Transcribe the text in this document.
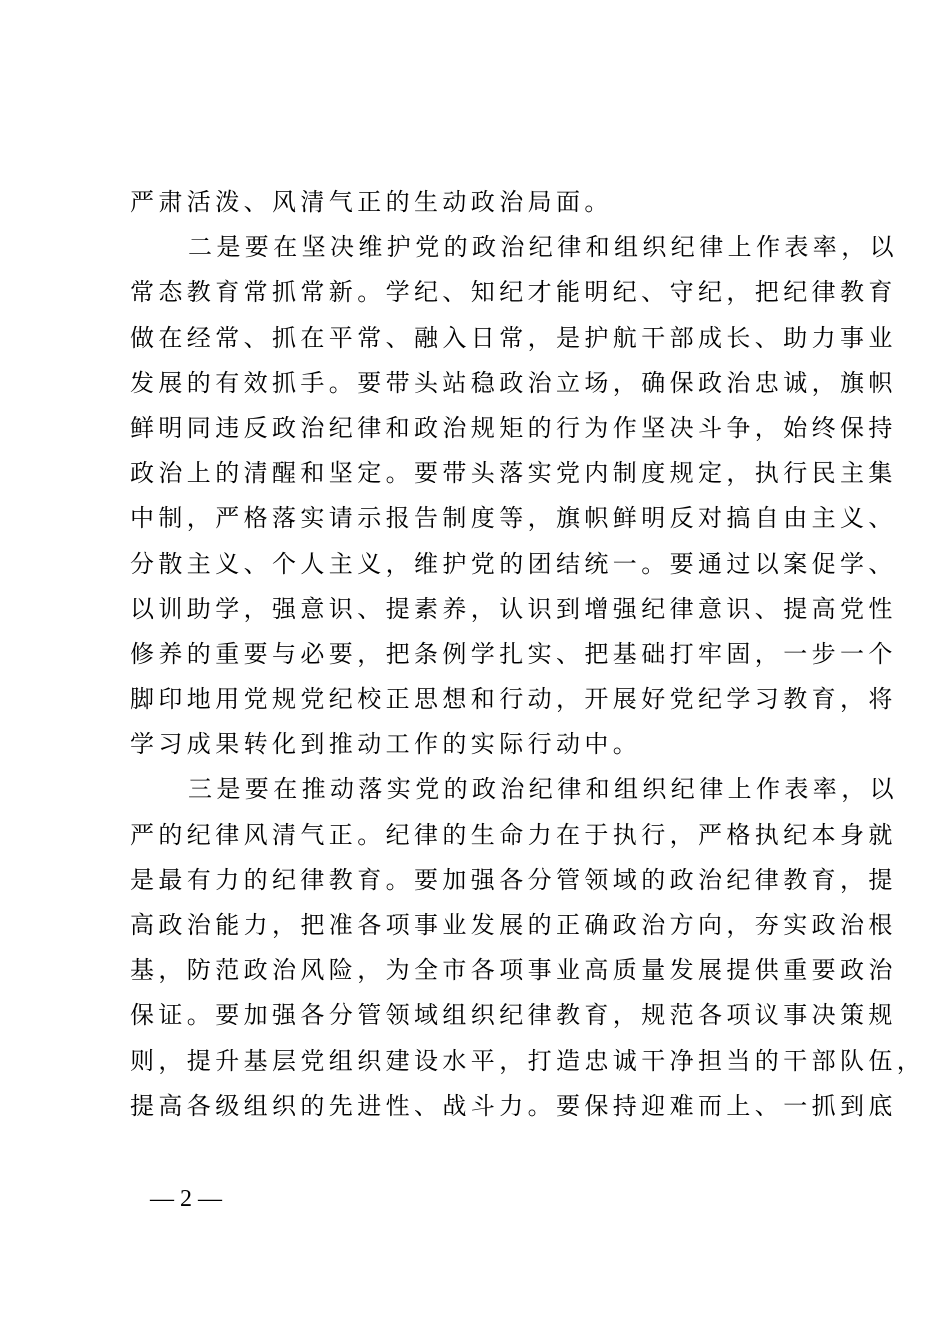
严肃活泼、风清气正的生动政治局面。
二是要在坚决维护党的政治纪律和组织纪律上作表率，以
常态教育常抓常新。学纪、知纪才能明纪、守纪，把纪律教育
做在经常、抓在平常、融入日常，是护航干部成长、助力事业
发展的有效抓手。要带头站稳政治立场，确保政治忠诚，旗帜
鲜明同违反政治纪律和政治规矩的行为作坚决斗争，始终保持
政治上的清醒和坚定。要带头落实党内制度规定，执行民主集
中制，严格落实请示报告制度等，旗帜鲜明反对搞自由主义、
分散主义、个人主义，维护党的团结统一。要通过以案促学、
以训助学，强意识、提素养，认识到增强纪律意识、提高党性
修养的重要与必要，把条例学扎实、把基础打牢固，一步一个
脚印地用党规党纪校正思想和行动，开展好党纪学习教育，将
学习成果转化到推动工作的实际行动中。
三是要在推动落实党的政治纪律和组织纪律上作表率，以
严的纪律风清气正。纪律的生命力在于执行，严格执纪本身就
是最有力的纪律教育。要加强各分管领域的政治纪律教育，提
高政治能力，把准各项事业发展的正确政治方向，夯实政治根
基，防范政治风险，为全市各项事业高质量发展提供重要政治
保证。要加强各分管领域组织纪律教育，规范各项议事决策规
则，提升基层党组织建设水平，打造忠诚干净担当的干部队伍，
提高各级组织的先进性、战斗力。要保持迎难而上、一抓到底
— 2 —
